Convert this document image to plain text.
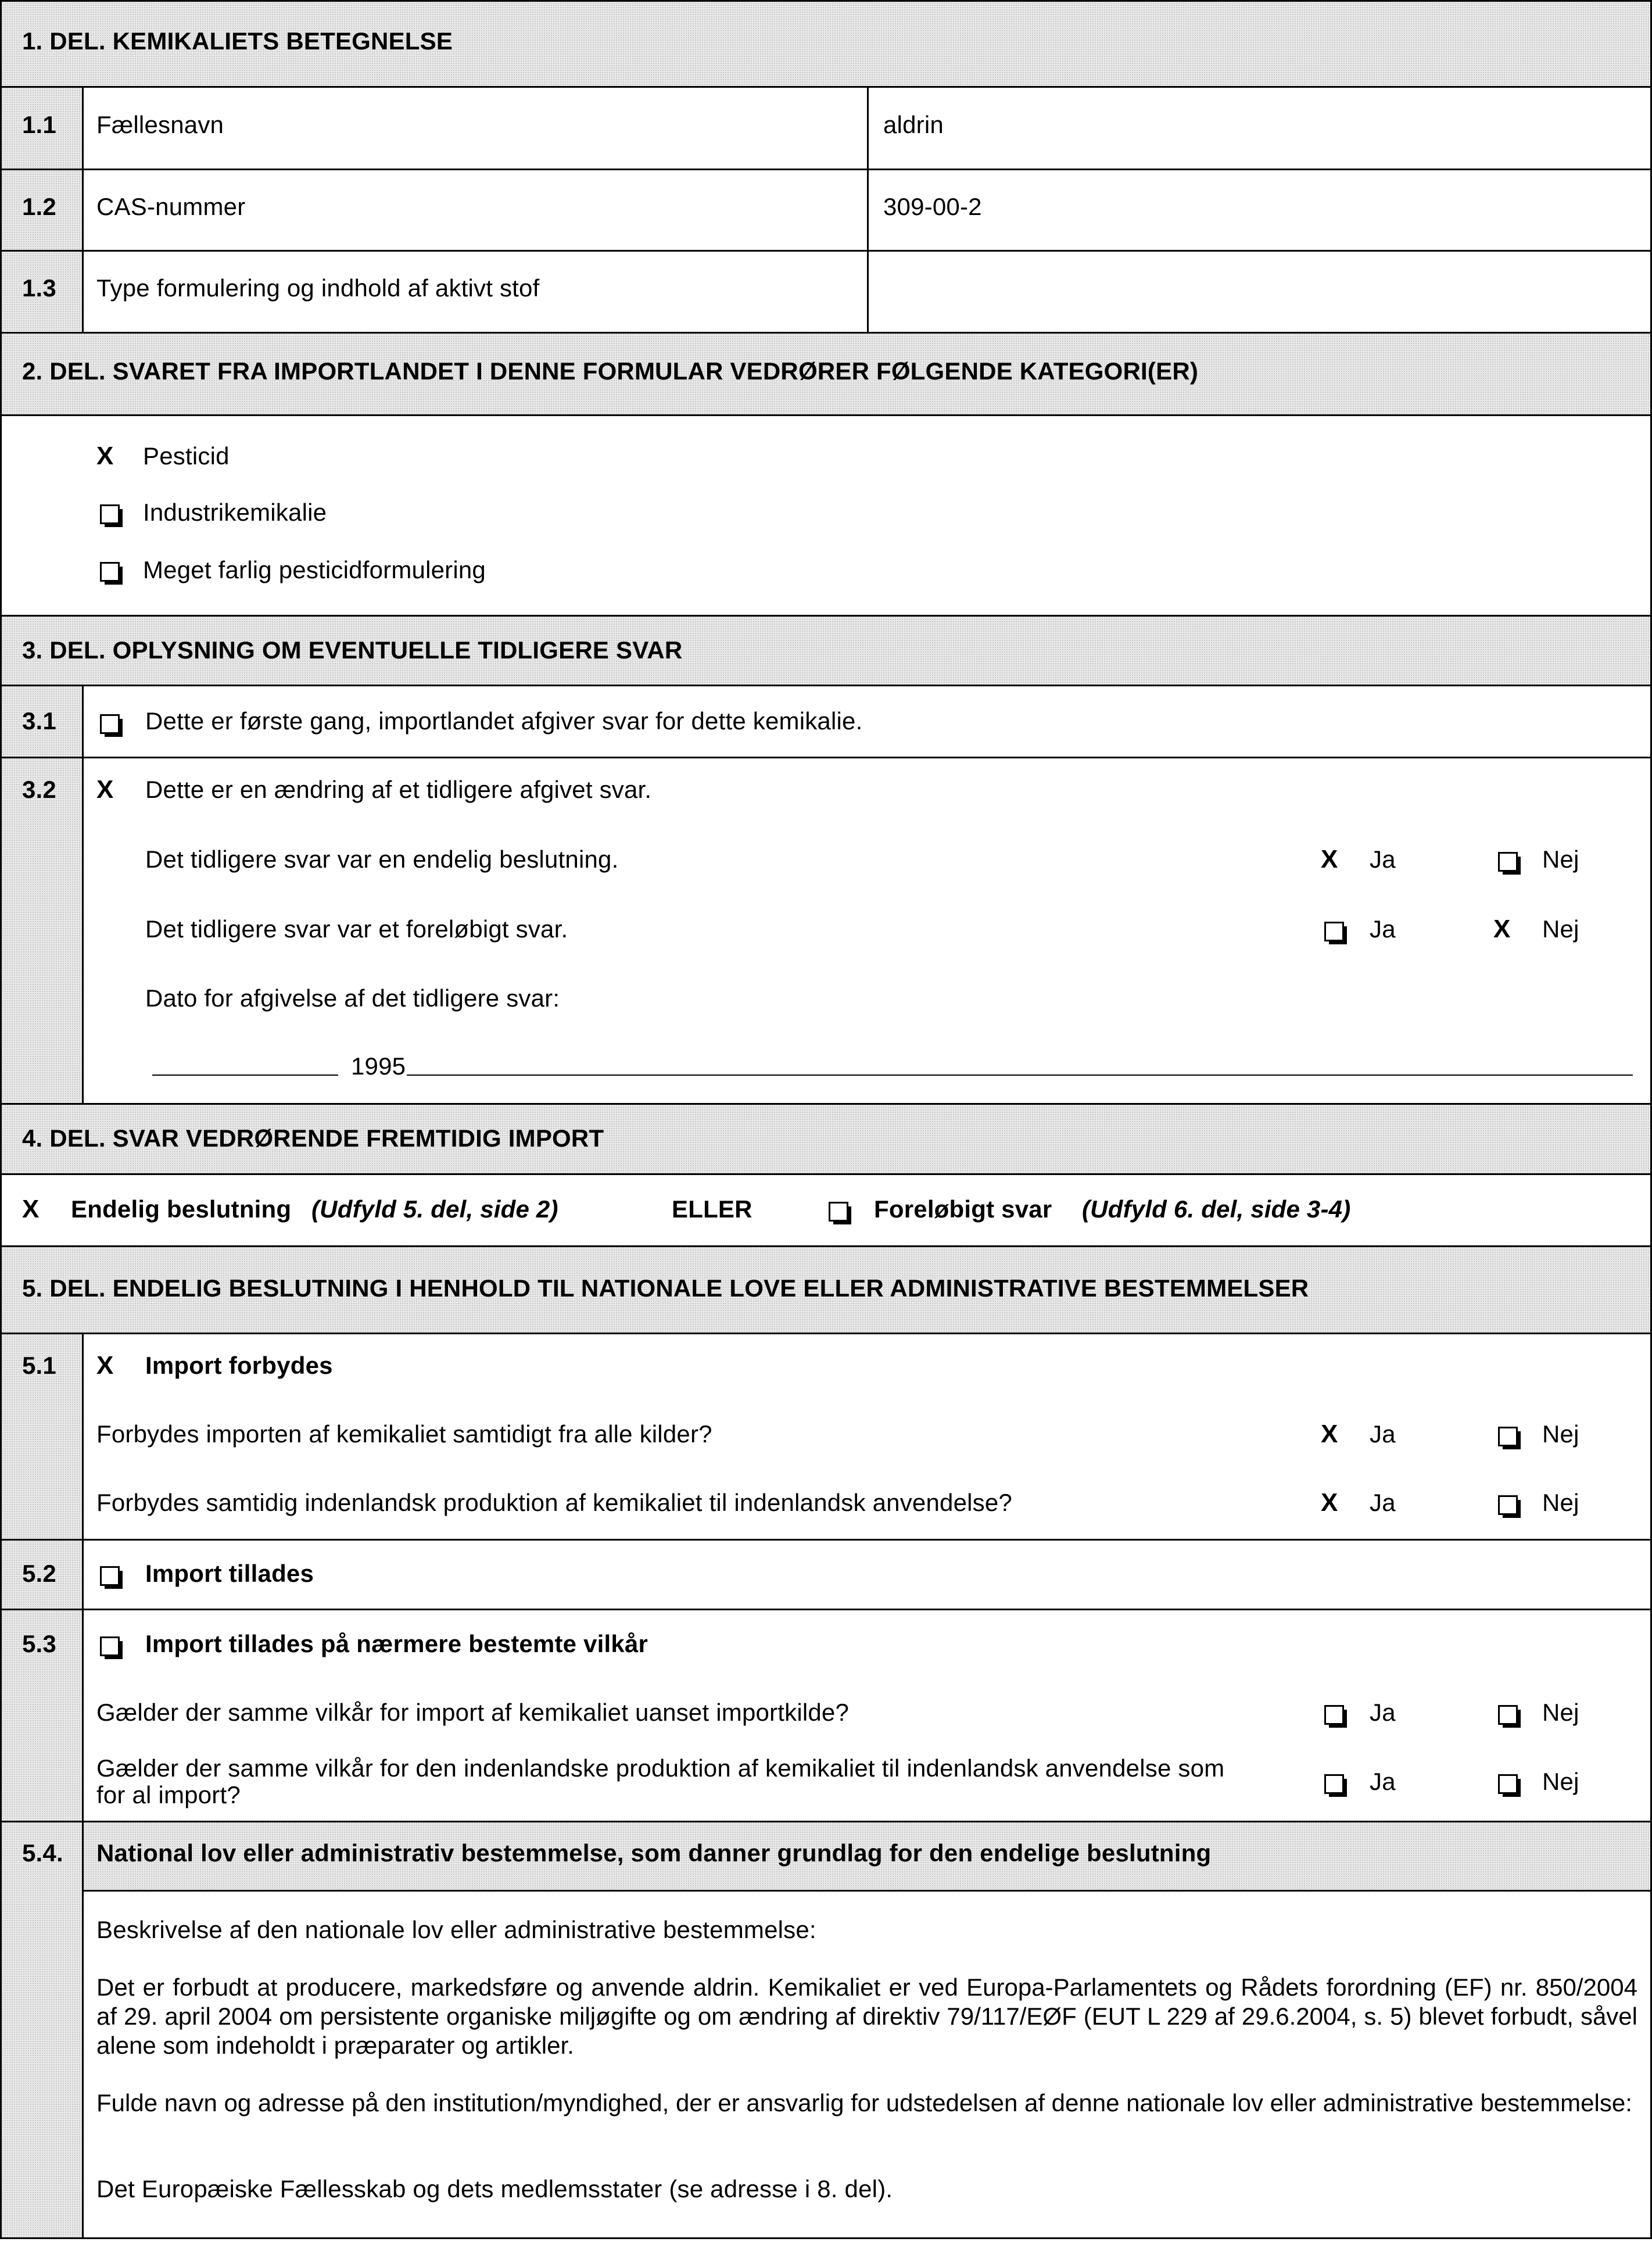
1. DEL. KEMIKALIETS BETEGNELSE
1.1 Fællesnavn	aldrin
1.2 CAS-nummer	309-00-2
1.3 Type formulering og indhold af aktivt stof
2. DEL. SVARET FRA IMPORTLANDET I DENNE FORMULAR VEDRØRER FØLGENDE KATEGORI(ER)
X Pesticid
Industrikemikalie
Meget farlig pesticidformulering
3. DEL. OPLYSNING OM EVENTUELLE TIDLIGERE SVAR
3.1	Dette er første gang, importlandet afgiver svar for dette kemikalie.
3.2 X Dette er en ændring af et tidligere afgivet svar.
Det tidligere svar var en endelig beslutning.	X Ja	Nej
Det tidligere svar var et foreløbigt svar.	Ja	X Nej
Dato for afgivelse af det tidligere svar:
1995
4. DEL. SVAR VEDRØRENDE FREMTIDIG IMPORT
X Endelig beslutning (Udfyld 5. del, side 2)	ELLER	Foreløbigt svar (Udfyld 6. del, side 3-4)
5. DEL. ENDELIG BESLUTNING I HENHOLD TIL NATIONALE LOVE ELLER ADMINISTRATIVE BESTEMMELSER
5.1 X Import forbydes
Forbydes importen af kemikaliet samtidigt fra alle kilder?	X Ja	Nej
Forbydes samtidig indenlandsk produktion af kemikaliet til indenlandsk anvendelse?	X Ja	Nej
5.2	Import tillades
5.3	Import tillades på nærmere bestemte vilkår
Gælder der samme vilkår for import af kemikaliet uanset importkilde?	Ja	Nej
Gælder der samme vilkår for den indenlandske produktion af kemikaliet til indenlandsk anvendelse som
for al import?	Ja	Nej
5.4. National lov eller administrativ bestemmelse, som danner grundlag for den endelige beslutning
Beskrivelse af den nationale lov eller administrative bestemmelse:
Det er forbudt at producere, markedsføre og anvende aldrin. Kemikaliet er ved Europa-Parlamentets og Rådets forordning (EF) nr. 850/2004 af 29. april 2004 om persistente organiske miljøgifte og om ændring af direktiv 79/117/EØF (EUT L 229 af 29.6.2004, s. 5) blevet forbudt, såvel alene som indeholdt i præparater og artikler.
Fulde navn og adresse på den institution/myndighed, der er ansvarlig for udstedelsen af denne nationale lov eller administrative bestemmelse:
Det Europæiske Fællesskab og dets medlemsstater (se adresse i 8. del).
